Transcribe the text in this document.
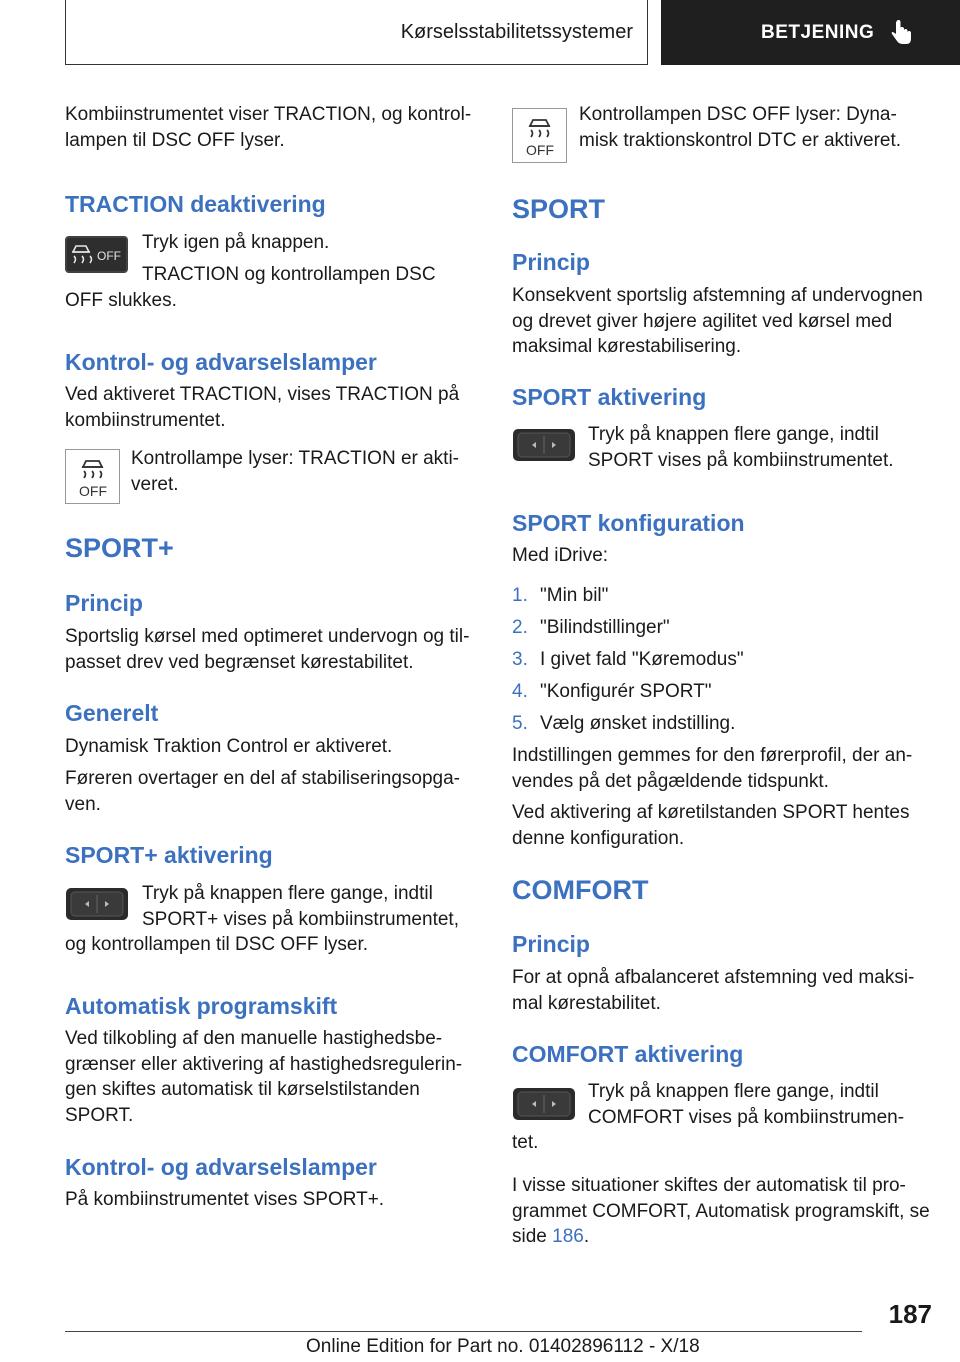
Kørselsstabilitetssystemer	BETJENING
Kombiinstrumentet viser TRACTION, og kontrol-lampen til DSC OFF lyser.
TRACTION deaktivering
OFF
Tryk igen på knappen.
TRACTION og kontrollampen DSC
OFF slukkes.
Kontrol- og advarselslamper
Ved aktiveret TRACTION, vises TRACTION på kombiinstrumentet.
OFF
Kontrollampe lyser: TRACTION er akti-veret.
SPORT+
Princip
Sportslig kørsel med optimeret undervogn og til-passet drev ved begrænset kørestabilitet.
Generelt
Dynamisk Traktion Control er aktiveret.
Føreren overtager en del af stabiliseringsopga-ven.
SPORT+ aktivering
Tryk på knappen flere gange, indtil SPORT+ vises på kombiinstrumentet,
og kontrollampen til DSC OFF lyser.
Automatisk programskift
Ved tilkobling af den manuelle hastighedsbe-grænser eller aktivering af hastighedsregulerin-gen skiftes automatisk til kørselstilstanden SPORT.
Kontrol- og advarselslamper
På kombiinstrumentet vises SPORT+.
OFF
Kontrollampen DSC OFF lyser: Dyna-misk traktionskontrol DTC er aktiveret.
SPORT
Princip
Konsekvent sportslig afstemning af undervognen og drevet giver højere agilitet ved kørsel med maksimal kørestabilisering.
SPORT aktivering
Tryk på knappen flere gange, indtil SPORT vises på kombiinstrumentet.
SPORT konfiguration
Med iDrive:
1. "Min bil"
2. "Bilindstillinger"
3. I givet fald "Køremodus"
4. "Konfigurér SPORT"
5. Vælg ønsket indstilling.
Indstillingen gemmes for den førerprofil, der an-vendes på det pågældende tidspunkt.
Ved aktivering af køretilstanden SPORT hentes denne konfiguration.
COMFORT
Princip
For at opnå afbalanceret afstemning ved maksi-mal kørestabilitet.
COMFORT aktivering
Tryk på knappen flere gange, indtil COMFORT vises på kombiinstrumen-
tet.
I visse situationer skiftes der automatisk til pro-grammet COMFORT, Automatisk programskift, se side 186.
187
Online Edition for Part no. 01402896112 - X/18
